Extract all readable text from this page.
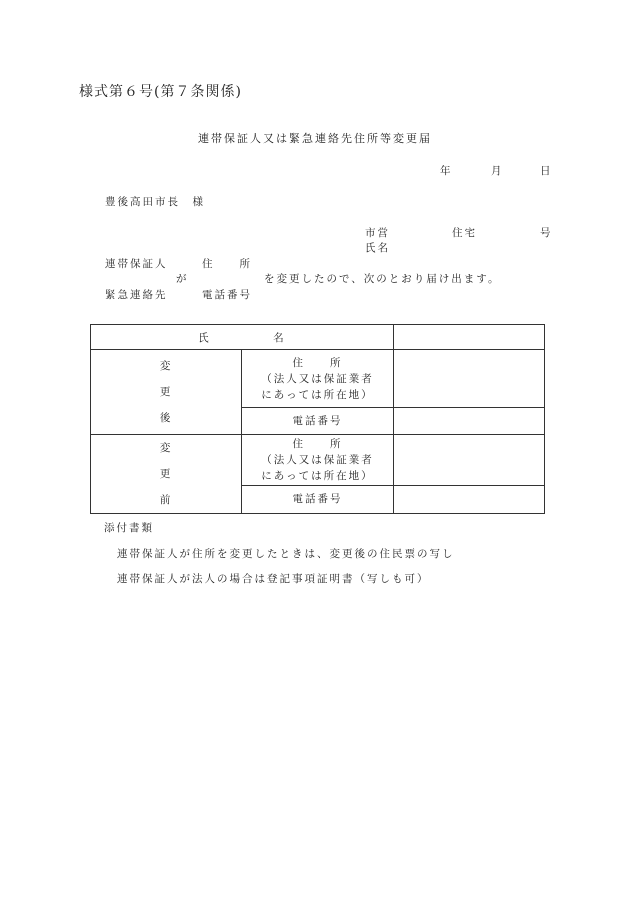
様式第６号(第７条関係)
連帯保証人又は緊急連絡先住所等変更届
年	月	日
豊後高田市長　様
市営	住宅	号
氏名
連帯保証人	住　　所
が	を変更したので、次のとおり届け出ます。
緊急連絡先	電話番号
氏　　　　　名		

変
更
後	住　　所
（法人又は保証業者
にあっては所在地）	

	電話番号	

変
更
前	住　　所
（法人又は保証業者
にあっては所在地）	

	電話番号	
添付書類
連帯保証人が住所を変更したときは、変更後の住民票の写し
連帯保証人が法人の場合は登記事項証明書（写しも可）
